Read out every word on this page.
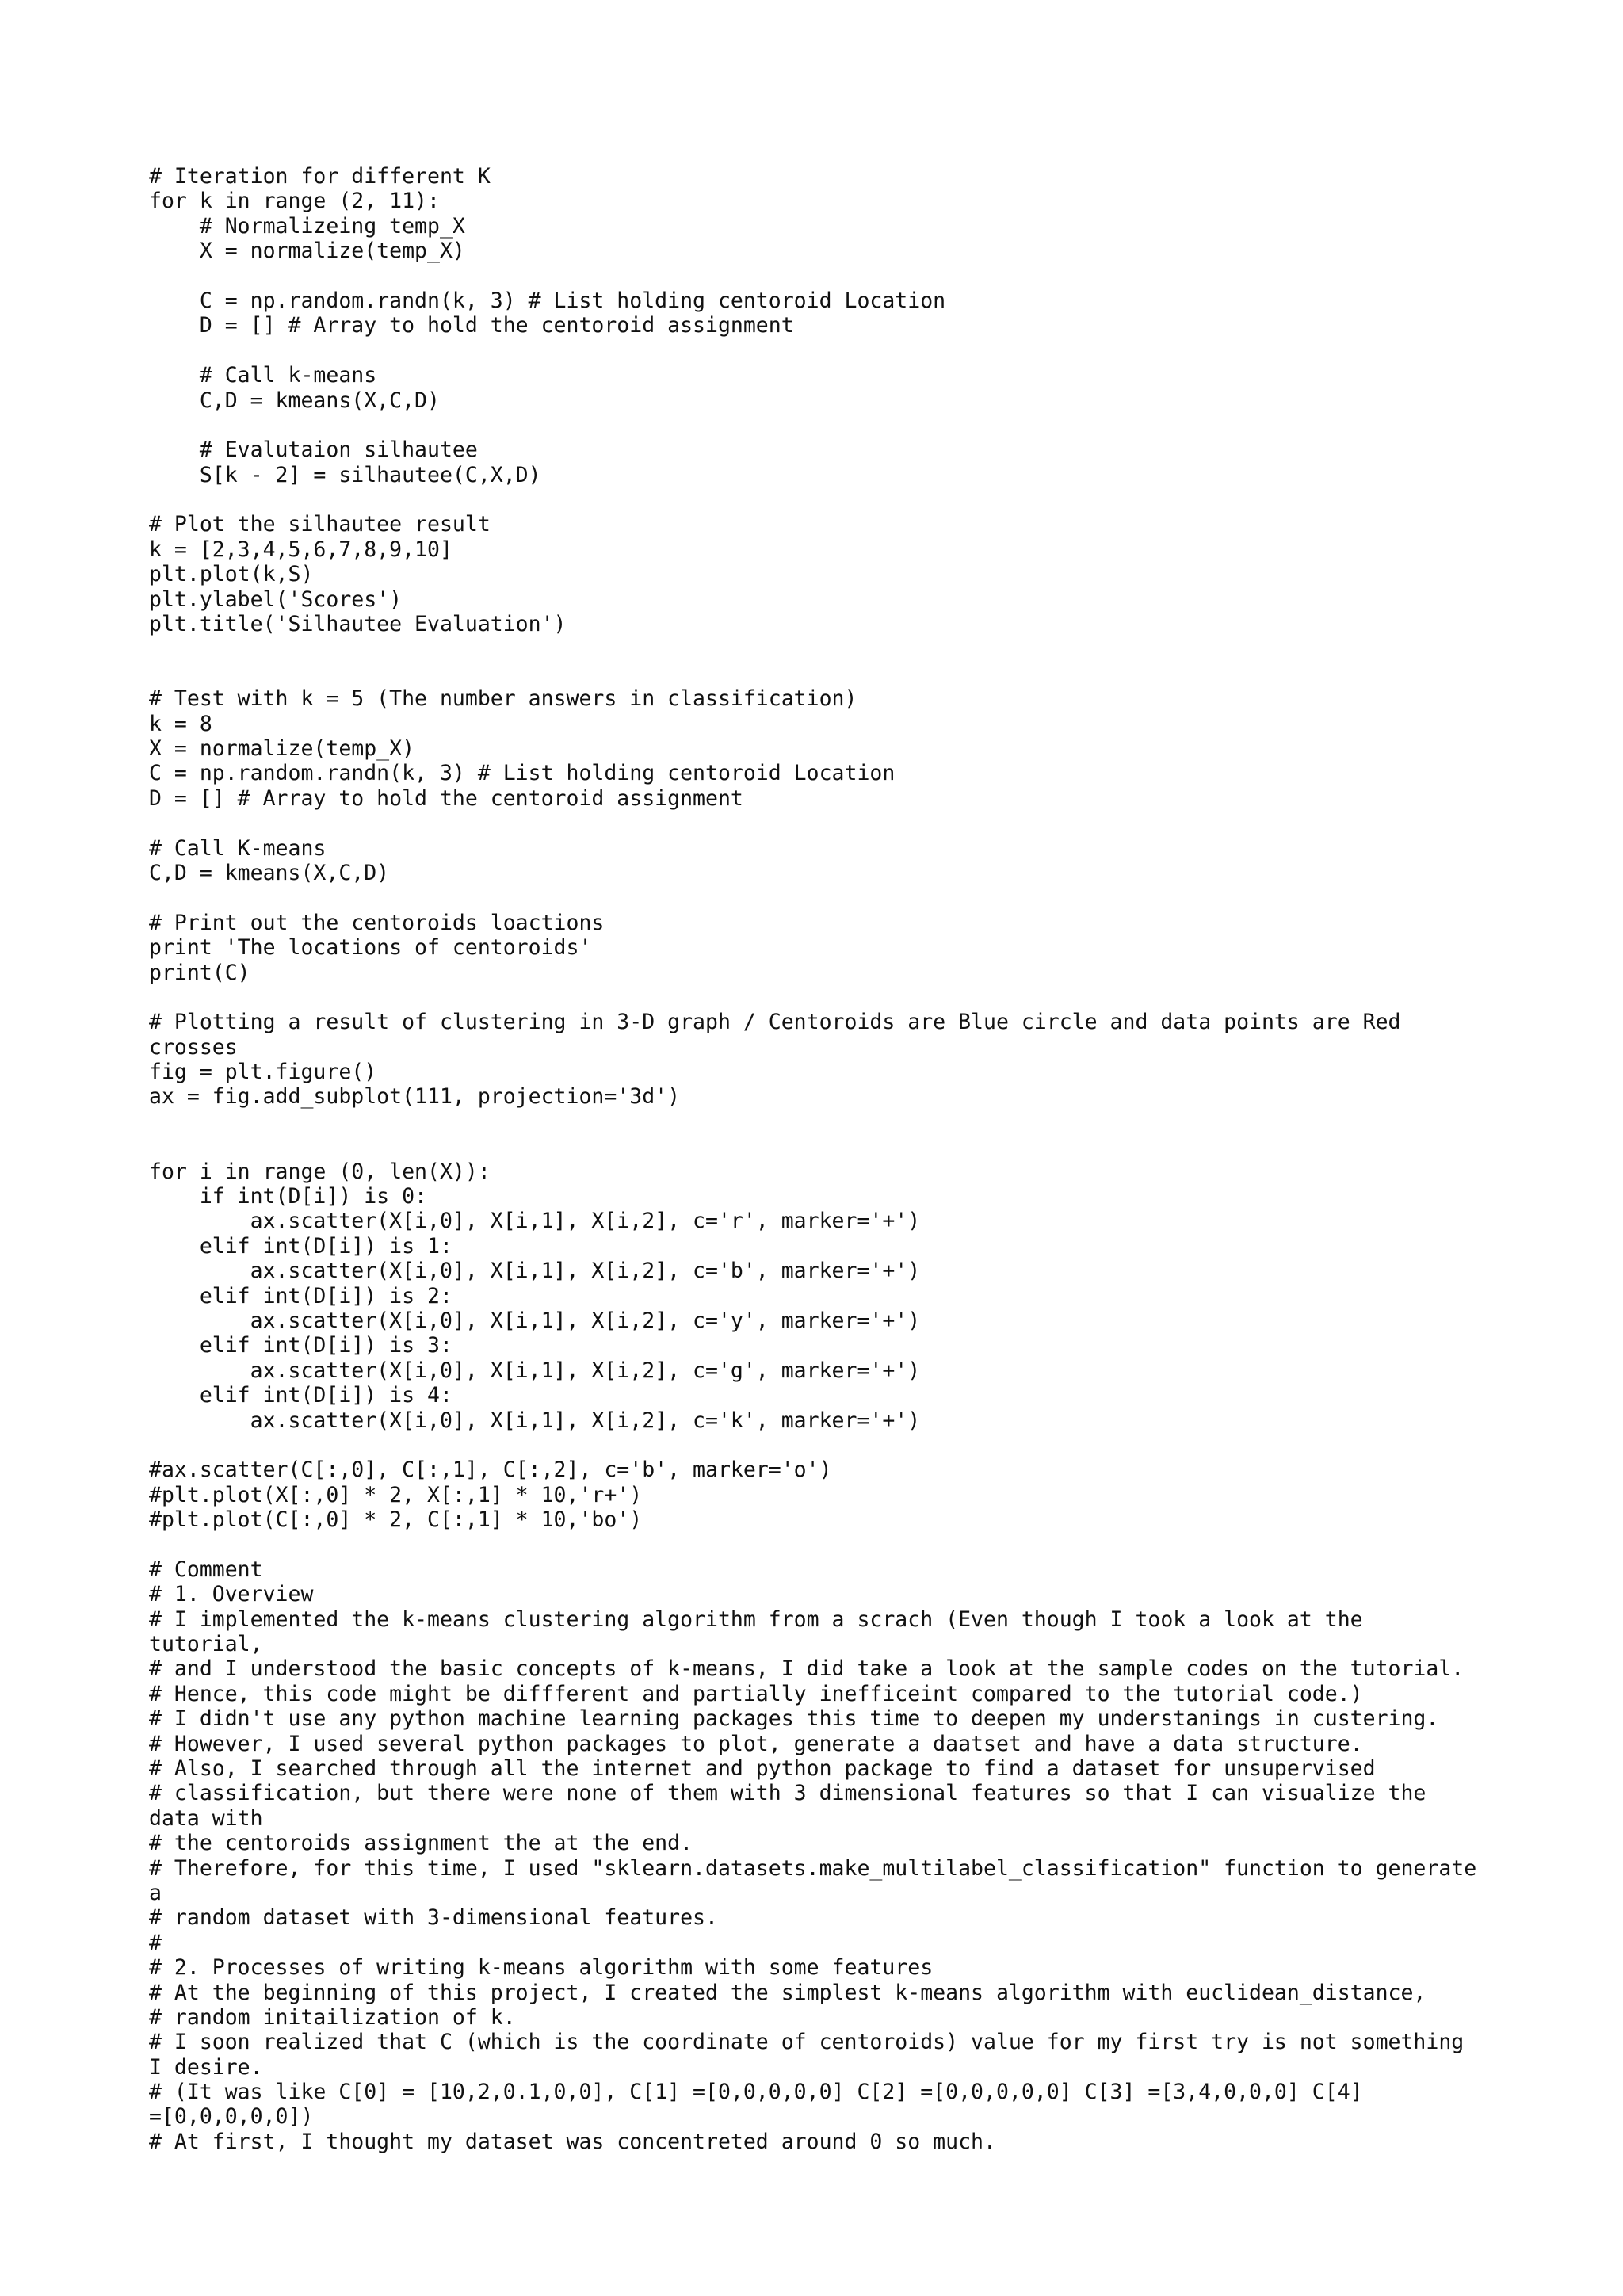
# Iteration for different K
for k in range (2, 11):
# Normalizeing temp_X
X = normalize(temp_X)
C = np.random.randn(k, 3) # List holding centoroid Location
D = [] # Array to hold the centoroid assignment
# Call k-means
C,D = kmeans(X,C,D)
# Evalutaion silhautee
S[k - 2] = silhautee(C,X,D)
# Plot the silhautee result
k = [2,3,4,5,6,7,8,9,10]
plt.plot(k,S)
plt.ylabel('Scores')
plt.title('Silhautee Evaluation')
# Test with k = 5 (The number answers in classification)
k = 8
X = normalize(temp_X)
C = np.random.randn(k, 3) # List holding centoroid Location
D = [] # Array to hold the centoroid assignment
# Call K-means
C,D = kmeans(X,C,D)
# Print out the centoroids loactions
print 'The locations of centoroids'
print(C)
# Plotting a result of clustering in 3-D graph / Centoroids are Blue circle and data points are Red
crosses
fig = plt.figure()
ax = fig.add_subplot(111, projection='3d')
for i in range (0, len(X)):
if int(D[i]) is 0:
ax.scatter(X[i,0], X[i,1], X[i,2], c='r', marker='+')
elif int(D[i]) is 1:
ax.scatter(X[i,0], X[i,1], X[i,2], c='b', marker='+')
elif int(D[i]) is 2:
ax.scatter(X[i,0], X[i,1], X[i,2], c='y', marker='+')
elif int(D[i]) is 3:
ax.scatter(X[i,0], X[i,1], X[i,2], c='g', marker='+')
elif int(D[i]) is 4:
ax.scatter(X[i,0], X[i,1], X[i,2], c='k', marker='+')
#ax.scatter(C[:,0], C[:,1], C[:,2], c='b', marker='o')
#plt.plot(X[:,0] * 2, X[:,1] * 10,'r+')
#plt.plot(C[:,0] * 2, C[:,1] * 10,'bo')
# Comment
# 1. Overview
# I implemented the k-means clustering algorithm from a scrach (Even though I took a look at the
tutorial,
# and I understood the basic concepts of k-means, I did take a look at the sample codes on the tutorial.
# Hence, this code might be diffferent and partially inefficeint compared to the tutorial code.)
# I didn't use any python machine learning packages this time to deepen my understanings in custering.
# However, I used several python packages to plot, generate a daatset and have a data structure.
# Also, I searched through all the internet and python package to find a dataset for unsupervised
# classification, but there were none of them with 3 dimensional features so that I can visualize the
data with
# the centoroids assignment the at the end.
# Therefore, for this time, I used "sklearn.datasets.make_multilabel_classification" function to generate
a
# random dataset with 3-dimensional features.
#
# 2. Processes of writing k-means algorithm with some features
# At the beginning of this project, I created the simplest k-means algorithm with euclidean_distance,
# random initailization of k.
# I soon realized that C (which is the coordinate of centoroids) value for my first try is not something
I desire.
# (It was like C[0] = [10,2,0.1,0,0], C[1] =[0,0,0,0,0] C[2] =[0,0,0,0,0] C[3] =[3,4,0,0,0] C[4]
=[0,0,0,0,0])
# At first, I thought my dataset was concentreted around 0 so much.
